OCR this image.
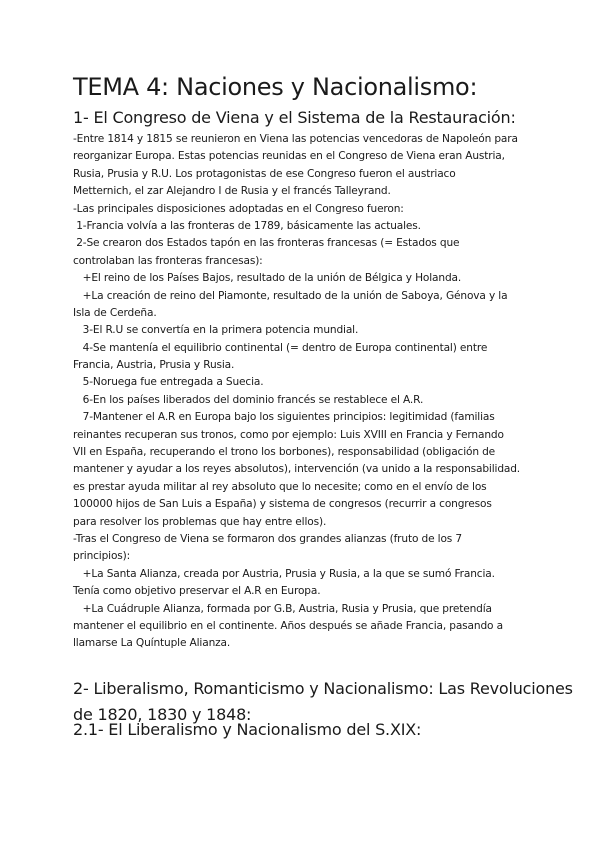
TEMA 4: Naciones y Nacionalismo:
1- El Congreso de Viena y el Sistema de la Restauración:
-Entre 1814 y 1815 se reunieron en Viena las potencias vencedoras de Napoleón para
reorganizar Europa. Estas potencias reunidas en el Congreso de Viena eran Austria,
Rusia, Prusia y R.U. Los protagonistas de ese Congreso fueron el austriaco
Metternich, el zar Alejandro I de Rusia y el francés Talleyrand.
-Las principales disposiciones adoptadas en el Congreso fueron:
1-Francia volvía a las fronteras de 1789, básicamente las actuales.
2-Se crearon dos Estados tapón en las fronteras francesas (= Estados que
controlaban las fronteras francesas):
+El reino de los Países Bajos, resultado de la unión de Bélgica y Holanda.
+La creación de reino del Piamonte, resultado de la unión de Saboya, Génova y la
Isla de Cerdeña.
3-El R.U se convertía en la primera potencia mundial.
4-Se mantenía el equilibrio continental (= dentro de Europa continental) entre
Francia, Austria, Prusia y Rusia.
5-Noruega fue entregada a Suecia.
6-En los países liberados del dominio francés se restablece el A.R.
7-Mantener el A.R en Europa bajo los siguientes principios: legitimidad (familias
reinantes recuperan sus tronos, como por ejemplo: Luis XVIII en Francia y Fernando
VII en España, recuperando el trono los borbones), responsabilidad (obligación de
mantener y ayudar a los reyes absolutos), intervención (va unido a la responsabilidad.
es prestar ayuda militar al rey absoluto que lo necesite; como en el envío de los
100000 hijos de San Luis a España) y sistema de congresos (recurrir a congresos
para resolver los problemas que hay entre ellos).
-Tras el Congreso de Viena se formaron dos grandes alianzas (fruto de los 7
principios):
+La Santa Alianza, creada por Austria, Prusia y Rusia, a la que se sumó Francia.
Tenía como objetivo preservar el A.R en Europa.
+La Cuádruple Alianza, formada por G.B, Austria, Rusia y Prusia, que pretendía
mantener el equilibrio en el continente. Años después se añade Francia, pasando a
llamarse La Quíntuple Alianza.
2- Liberalismo, Romanticismo y Nacionalismo: Las Revoluciones
de 1820, 1830 y 1848:
2.1- El Liberalismo y Nacionalismo del S.XIX:
